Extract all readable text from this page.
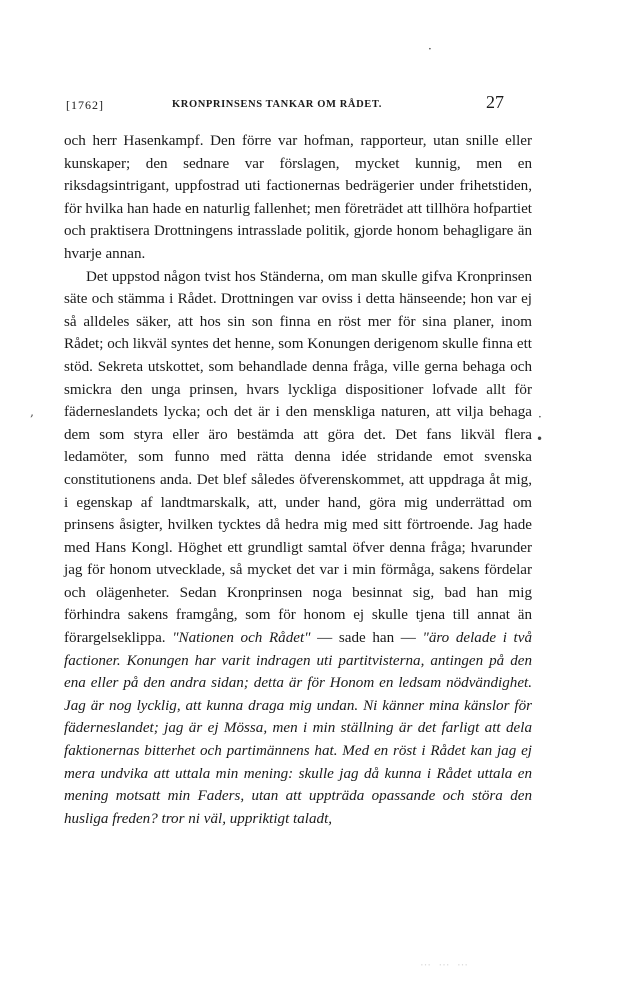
[1762]	KRONPRINSENS TANKAR OM RÅDET.	27

och herr Hasenkampf. Den förre var hofman, rapporteur, utan snille eller kunskaper; den sednare var förslagen, mycket kunnig, men en riksdagsintrigant, uppfostrad uti factionernas bedrägerier under frihetstiden, för hvilka han hade en naturlig fallenhet; men företrädet att tillhöra hofpartiet och praktisera Drottningens intrasslade politik, gjorde honom behagligare än hvarje annan.

Det uppstod någon tvist hos Ständerna, om man skulle gifva Kronprinsen säte och stämma i Rådet. Drottningen var oviss i detta hänseende; hon var ej så alldeles säker, att hos sin son finna en röst mer för sina planer, inom Rådet; och likväl syntes det henne, som Konungen derigenom skulle finna ett stöd. Sekreta utskottet, som behandlade denna fråga, ville gerna behaga och smickra den unga prinsen, hvars lyckliga dispositioner lofvade allt för fäderneslandets lycka; och det är i den menskliga naturen, att vilja behaga dem som styra eller äro bestämda att göra det. Det fans likväl flera ledamöter, som funno med rätta denna idée stridande emot svenska constitutionens anda. Det blef således öfverenskommet, att uppdraga åt mig, i egenskap af landtmarskalk, att, under hand, göra mig underrättad om prinsens åsigter, hvilken tycktes då hedra mig med sitt förtroende. Jag hade med Hans Kongl. Höghet ett grundligt samtal öfver denna fråga; hvarunder jag för honom utvecklade, så mycket det var i min förmåga, sakens fördelar och olägenheter. Sedan Kronprinsen noga besinnat sig, bad han mig förhindra sakens framgång, som för honom ej skulle tjena till annat än förargelseklippa. "Nationen och Rådet" — sade han — "äro delade i två factioner. Konungen har varit indragen uti partitvisterna, antingen på den ena eller på den andra sidan; detta är för Honom en ledsam nödvändighet. Jag är nog lycklig, att kunna draga mig undan. Ni känner mina känslor för fäderneslandet; jag är ej Mössa, men i min ställning är det farligt att dela faktionernas bitterhet och partimännens hat. Med en röst i Rådet kan jag ej mera undvika att uttala min mening: skulle jag då kunna i Rådet uttala en mening motsatt min Faders, utan att uppträda opassande och störa den husliga freden? tror ni väl, uppriktigt taladt,

·
‚
•
·
⋯ ⋯ ⋯
